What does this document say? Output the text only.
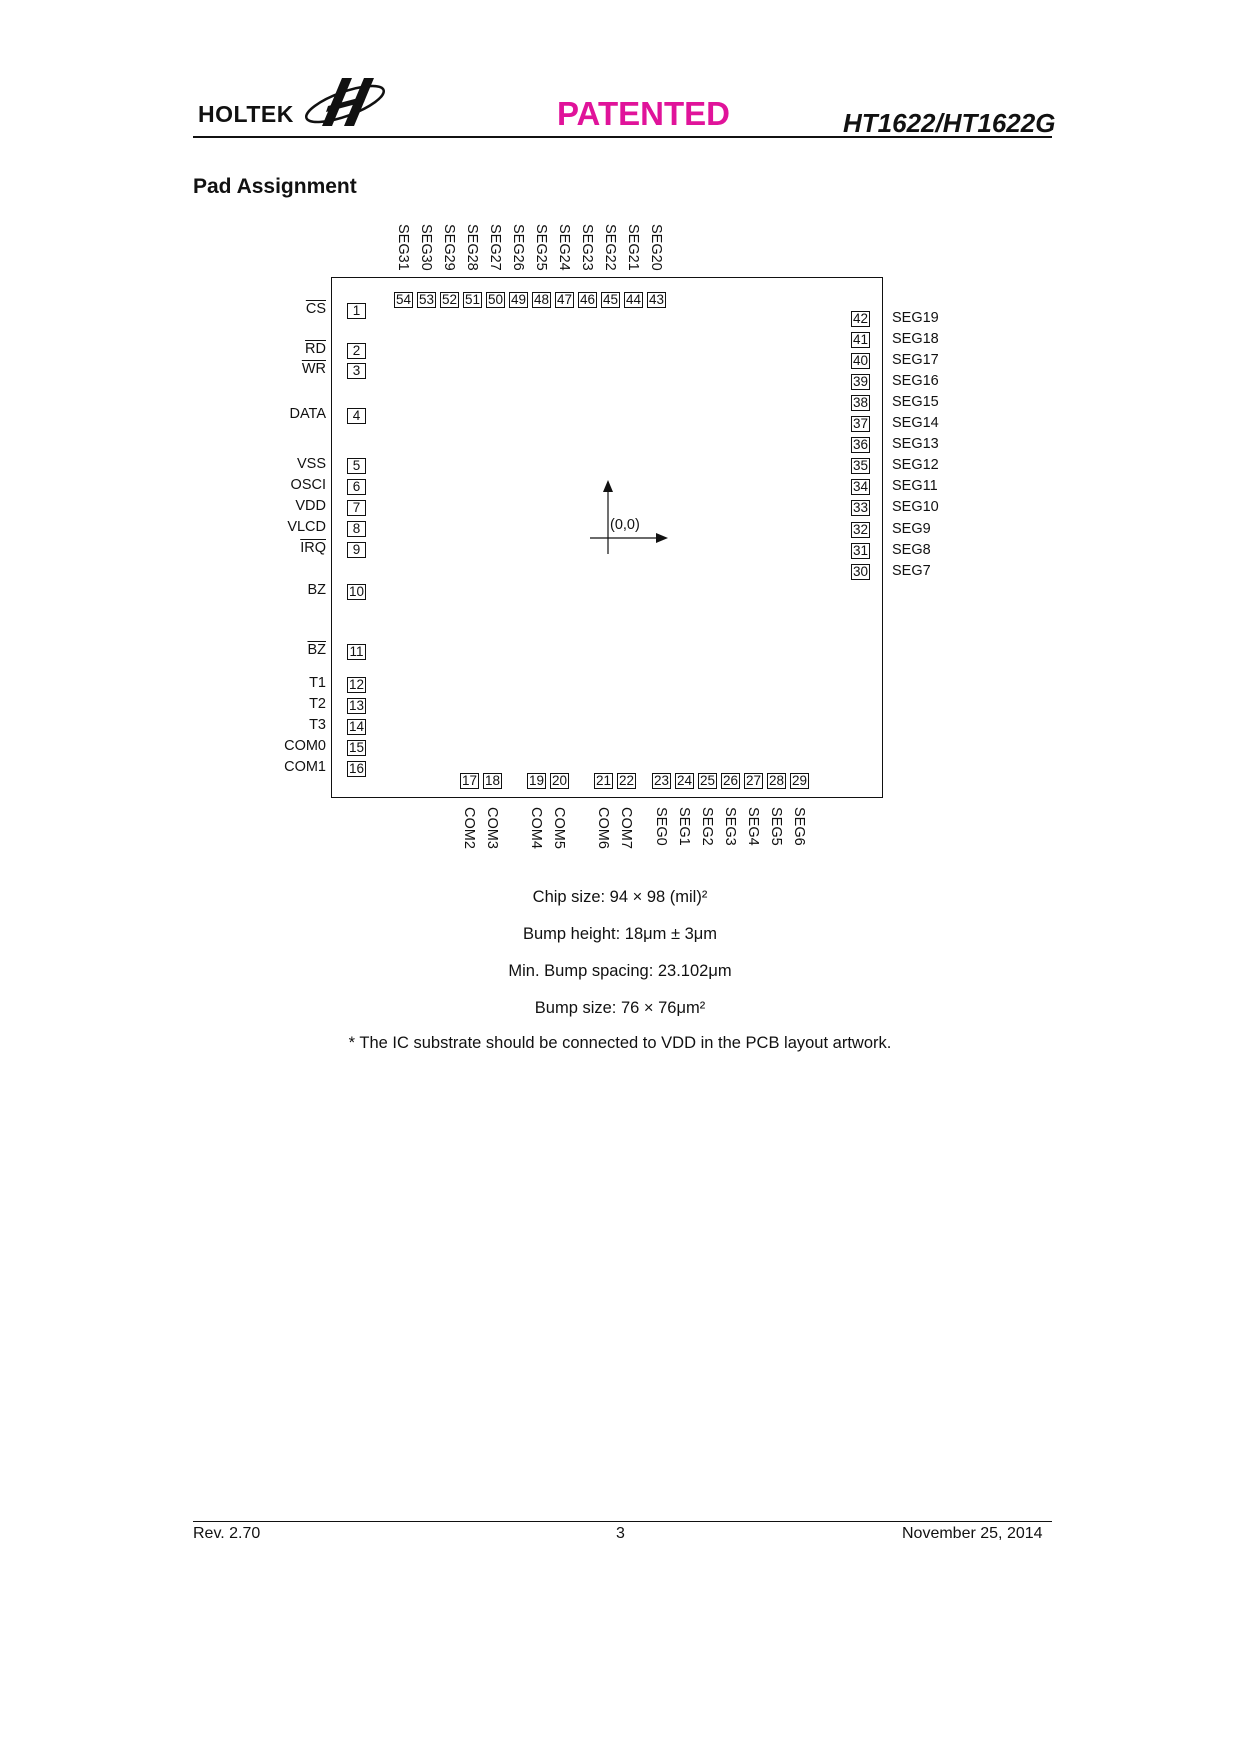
HOLTEK	PATENTED	HT1622/HT1622G
Pad Assignment
1
$\overline{CS}$
2
$\overline{RD}$
3
$\overline{WR}$
4
DATA
5
VSS
6
OSCI
7
VDD
8
VLCD
9
$\overline{IRQ}$
10
BZ
11
$\overline{BZ}$
12
T1
13
T2
14
T3
15
COM0
16
COM1
42 SEG19
41 SEG18
40 SEG17
39 SEG16
38 SEG15
37 SEG14
36 SEG13
35 SEG12
34 SEG11
33 SEG10
32 SEG9
31 SEG8
30 SEG7
54
SEG31
53
SEG30
52
SEG29
51
SEG28
50
SEG27
49
SEG26
48
SEG25
47
SEG24
46
SEG23
45
SEG22
44
SEG21
43
SEG20
17
COM2
18
COM3
19
COM4
20
COM5
21
COM6
22
COM7
23
SEG0
24
SEG1
25
SEG2
26
SEG3
27
SEG4
28
SEG5
29
SEG6
(0,0)
Chip size: 94 × 98 (mil)²
Bump height: 18μm ± 3μm
Min. Bump spacing: 23.102μm
Bump size: 76 × 76μm²
* The IC substrate should be connected to VDD in the PCB layout artwork.
Rev. 2.70	3	November 25, 2014
